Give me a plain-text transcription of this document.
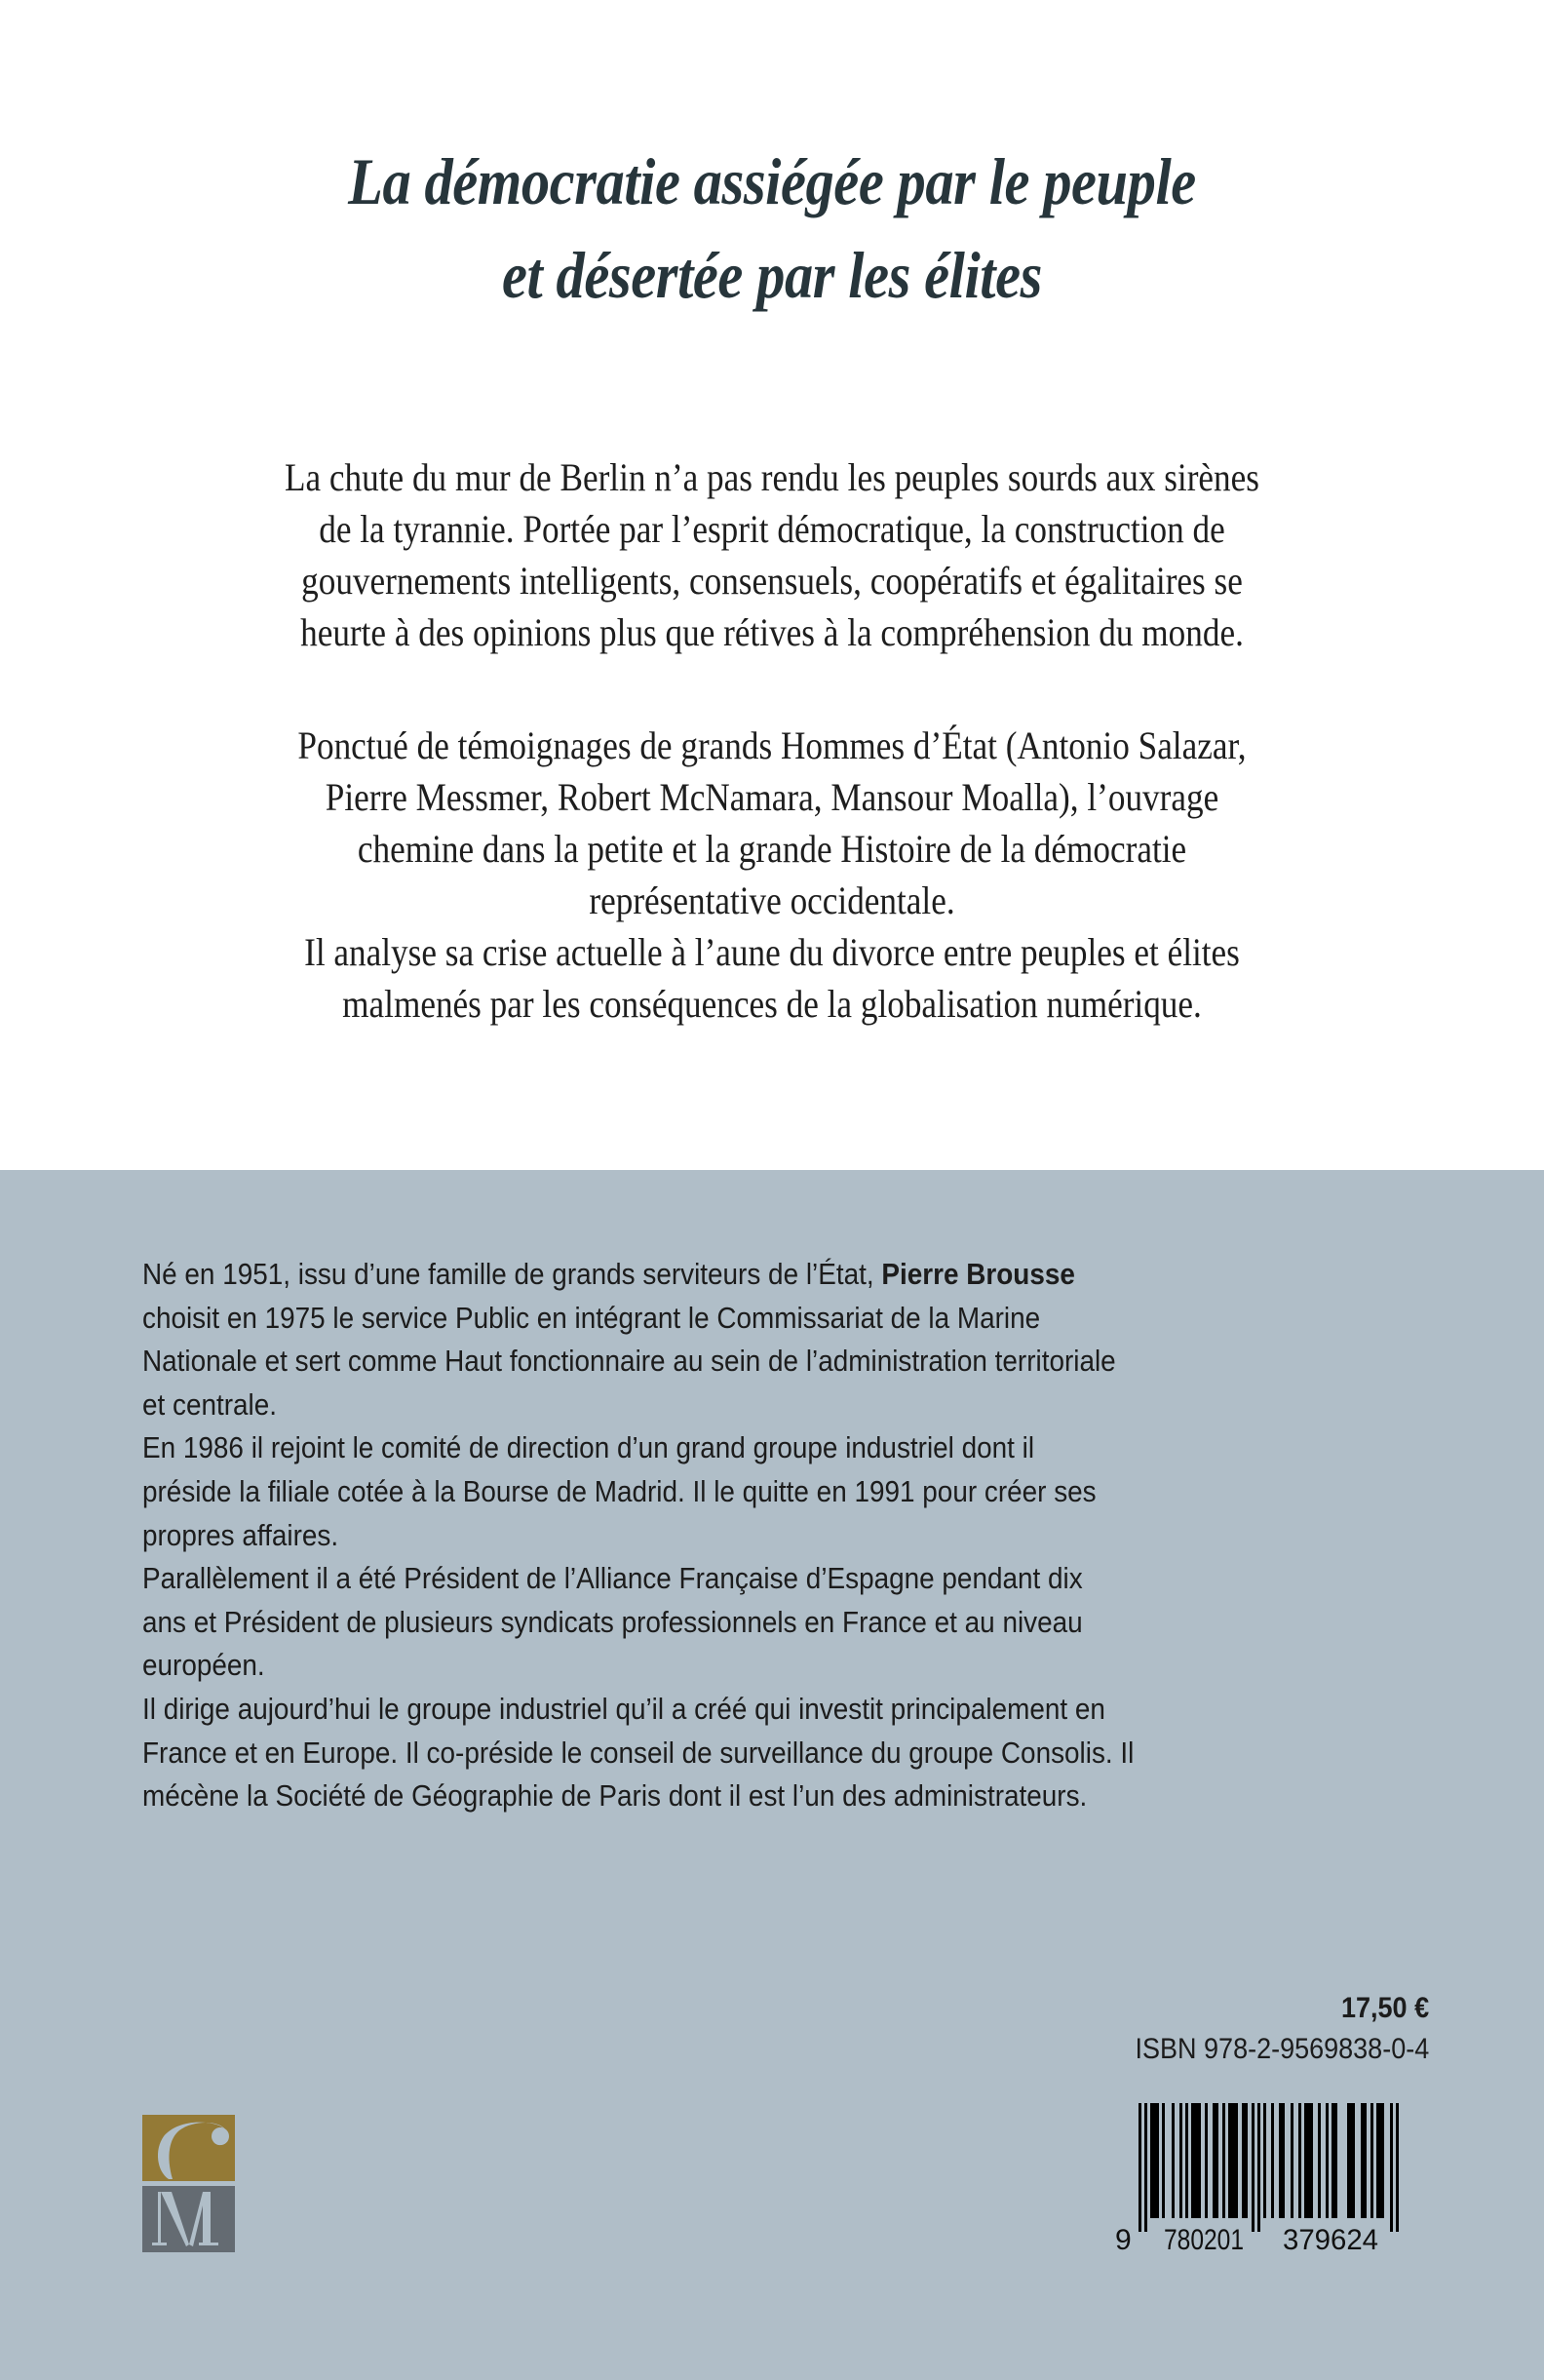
La démocratie assiégée par le peuple
et désertée par les élites
La chute du mur de Berlin n’a pas rendu les peuples sourds aux sirènes
de la tyrannie. Portée par l’esprit démocratique, la construction de
gouvernements intelligents, consensuels, coopératifs et égalitaires se
heurte à des opinions plus que rétives à la compréhension du monde.
Ponctué de témoignages de grands Hommes d’État (Antonio Salazar,
Pierre Messmer, Robert McNamara, Mansour Moalla), l’ouvrage
chemine dans la petite et la grande Histoire de la démocratie
représentative occidentale.
Il analyse sa crise actuelle à l’aune du divorce entre peuples et élites
malmenés par les conséquences de la globalisation numérique.
Né en 1951, issu d’une famille de grands serviteurs de l’État, Pierre Brousse
choisit en 1975 le service Public en intégrant le Commissariat de la Marine
Nationale et sert comme Haut fonctionnaire au sein de l’administration territoriale
et centrale.
En 1986 il rejoint le comité de direction d’un grand groupe industriel dont il
préside la filiale cotée à la Bourse de Madrid. Il le quitte en 1991 pour créer ses
propres affaires.
Parallèlement il a été Président de l’Alliance Française d’Espagne pendant dix
ans et Président de plusieurs syndicats professionnels en France et au niveau
européen.
Il dirige aujourd’hui le groupe industriel qu’il a créé qui investit principalement en
France et en Europe. Il co-préside le conseil de surveillance du groupe Consolis. Il
mécène la Société de Géographie de Paris dont il est l’un des administrateurs.
17,50 €
ISBN 978-2-9569838-0-4
9 780201 379624
